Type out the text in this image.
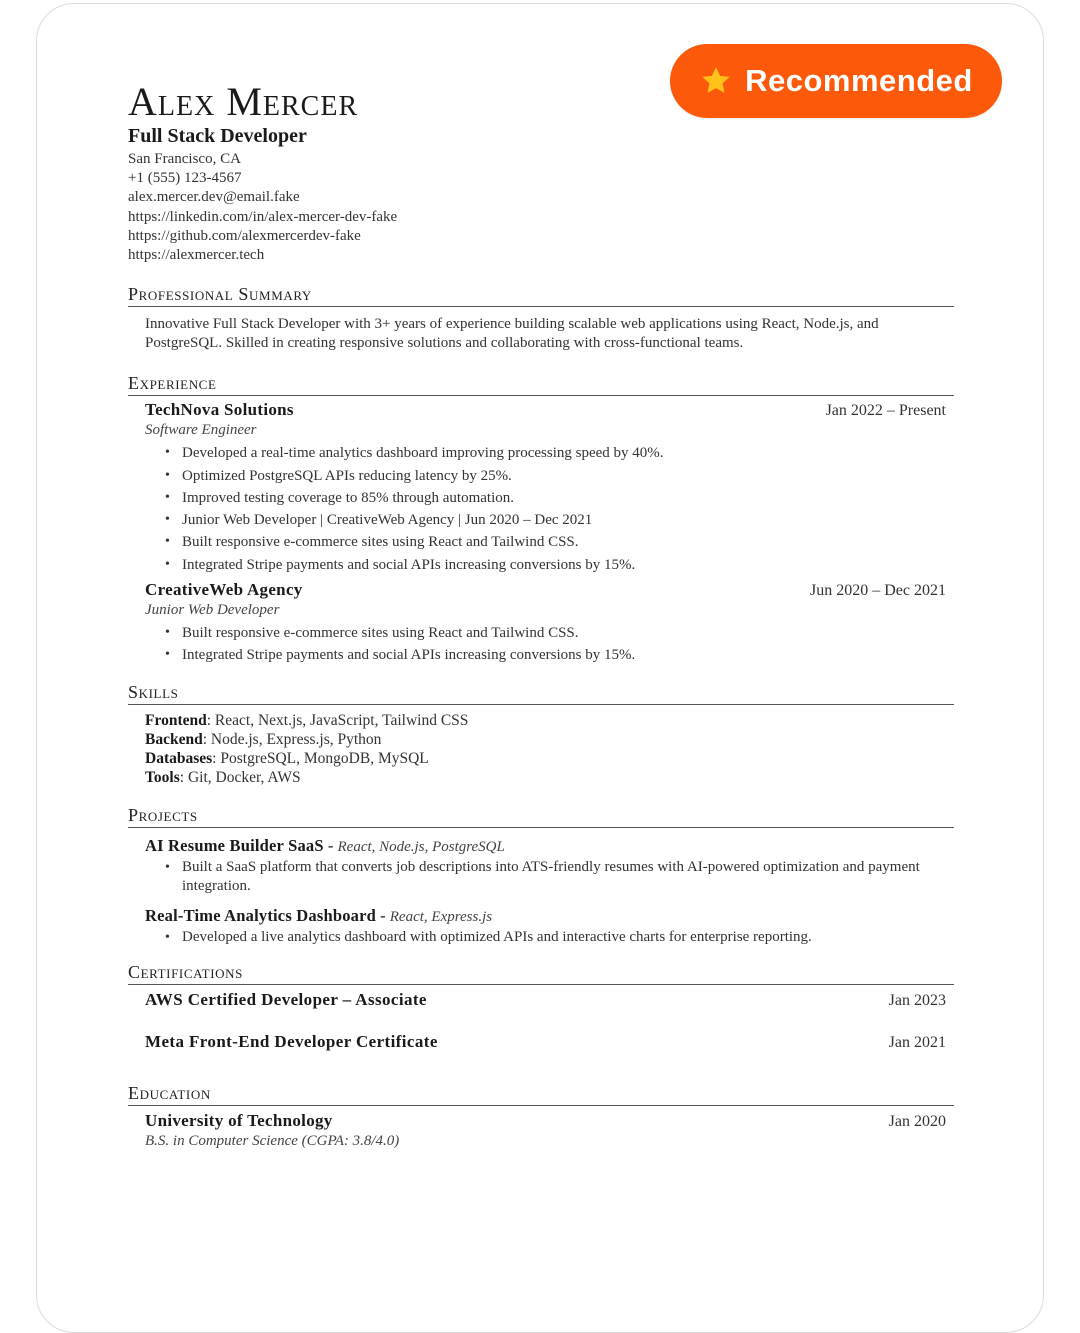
Recommended
Alex Mercer
Full Stack Developer
San Francisco, CA
+1 (555) 123-4567
alex.mercer.dev@email.fake
https://linkedin.com/in/alex-mercer-dev-fake
https://github.com/alexmercerdev-fake
https://alexmercer.tech
Professional Summary
Innovative Full Stack Developer with 3+ years of experience building scalable web applications using React, Node.js, and PostgreSQL. Skilled in creating responsive solutions and collaborating with cross-functional teams.
Experience
TechNova Solutions	Jan 2022 – Present
Software Engineer
• Developed a real-time analytics dashboard improving processing speed by 40%.
• Optimized PostgreSQL APIs reducing latency by 25%.
• Improved testing coverage to 85% through automation.
• Junior Web Developer | CreativeWeb Agency | Jun 2020 – Dec 2021
• Built responsive e-commerce sites using React and Tailwind CSS.
• Integrated Stripe payments and social APIs increasing conversions by 15%.
CreativeWeb Agency	Jun 2020 – Dec 2021
Junior Web Developer
• Built responsive e-commerce sites using React and Tailwind CSS.
• Integrated Stripe payments and social APIs increasing conversions by 15%.
Skills
Frontend: React, Next.js, JavaScript, Tailwind CSS
Backend: Node.js, Express.js, Python
Databases: PostgreSQL, MongoDB, MySQL
Tools: Git, Docker, AWS
Projects
AI Resume Builder SaaS - React, Node.js, PostgreSQL
• Built a SaaS platform that converts job descriptions into ATS-friendly resumes with AI-powered optimization and payment integration.
Real-Time Analytics Dashboard - React, Express.js
• Developed a live analytics dashboard with optimized APIs and interactive charts for enterprise reporting.
Certifications
AWS Certified Developer – Associate	Jan 2023
Meta Front-End Developer Certificate	Jan 2021
Education
University of Technology	Jan 2020
B.S. in Computer Science (CGPA: 3.8/4.0)
